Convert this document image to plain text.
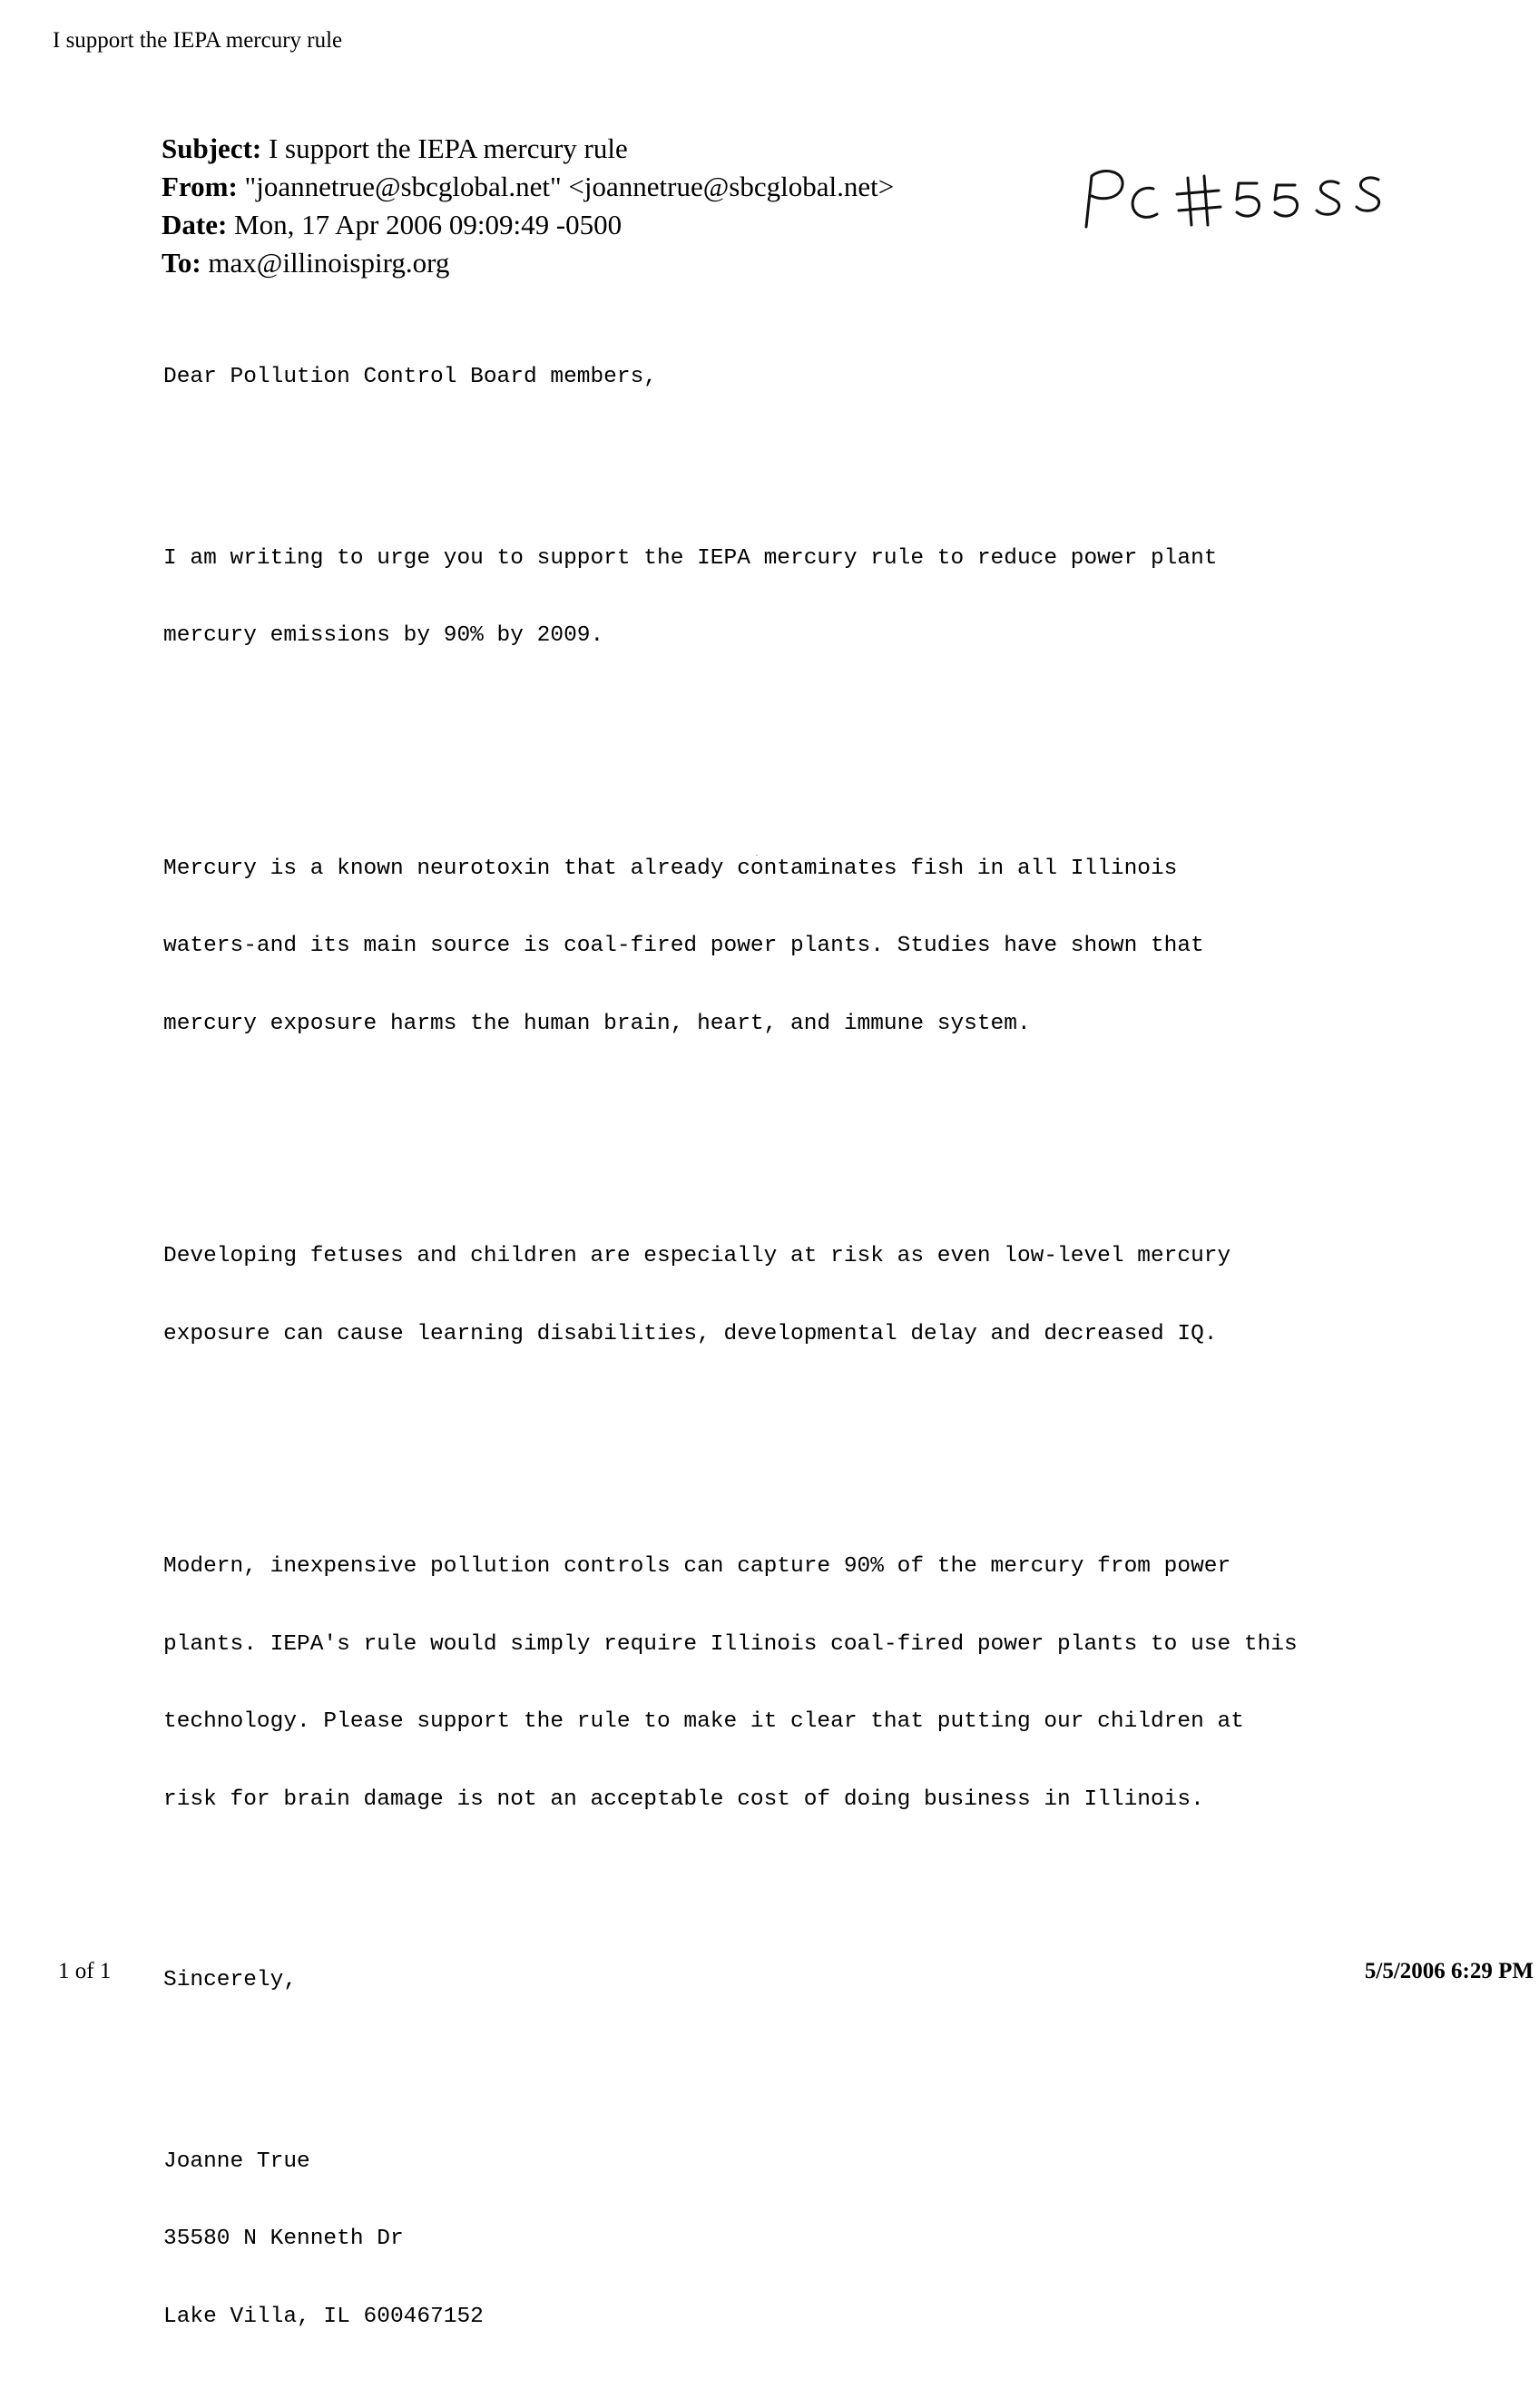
I support the IEPA mercury rule
Subject: I support the IEPA mercury rule
From: "joannetrue@sbcglobal.net" <joannetrue@sbcglobal.net>
Date: Mon, 17 Apr 2006 09:09:49 -0500
To: max@illinoispirg.org

Dear Pollution Control Board members,

I am writing to urge you to support the IEPA mercury rule to reduce power plant

mercury emissions by 90% by 2009.

Mercury is a known neurotoxin that already contaminates fish in all Illinois

waters-and its main source is coal-fired power plants. Studies have shown that

mercury exposure harms the human brain, heart, and immune system.

Developing fetuses and children are especially at risk as even low-level mercury

exposure can cause learning disabilities, developmental delay and decreased IQ.

Modern, inexpensive pollution controls can capture 90% of the mercury from power

plants. IEPA's rule would simply require Illinois coal-fired power plants to use this

technology. Please support the rule to make it clear that putting our children at

risk for brain damage is not an acceptable cost of doing business in Illinois.

Sincerely,

Joanne True

35580 N Kenneth Dr

Lake Villa, IL 600467152

1 of 1	5/5/2006 6:29 PM
